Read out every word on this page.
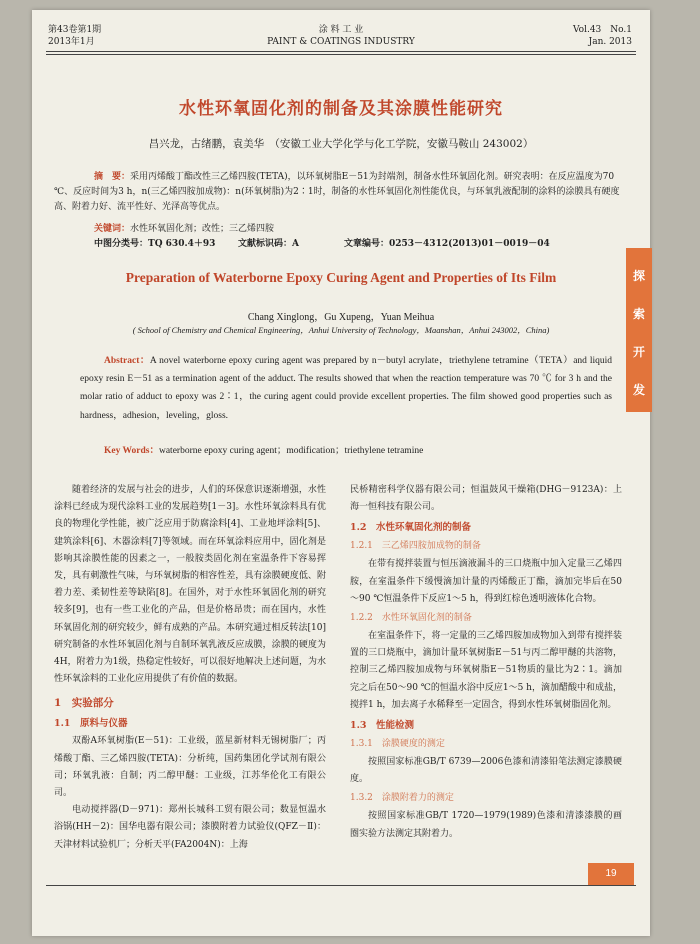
第43卷第1期
2013年1月
涂 料 工 业
PAINT & COATINGS INDUSTRY
Vol.43　No.1
Jan. 2013
水性环氧固化剂的制备及其涂膜性能研究
昌兴龙，古绪鹏，袁美华　（安徽工业大学化学与化工学院，安徽马鞍山 243002）
摘　要：采用丙烯酸丁酯改性三乙烯四胺(TETA)，以环氧树脂E－51为封端剂，制备水性环氧固化剂。研究表明：在反应温度为70 ℃、反应时间为3 h，n(三乙烯四胺加成物)：n(环氧树脂)为2∶1时，制备的水性环氧固化剂性能优良，与环氧乳液配制的涂料的涂膜具有硬度高、附着力好、流平性好、光泽高等优点。
关键词：水性环氧固化剂；改性；三乙烯四胺
中图分类号：TQ 630.4＋93	文献标识码：A	文章编号：0253－4312(2013)01－0019－04
Preparation of Waterborne Epoxy Curing Agent and Properties of Its Film
Chang Xinglong，Gu Xupeng，Yuan Meihua
( School of Chemistry and Chemical Engineering，Anhui University of Technology，Maanshan，Anhui 243002，China)
Abstract：A novel waterborne epoxy curing agent was prepared by n－butyl acrylate，triethylene tetramine（TETA）and liquid epoxy resin E－51 as a termination agent of the adduct. The results showed that when the reaction temperature was 70 ℃ for 3 h and the molar ratio of adduct to epoxy was 2∶1，the curing agent could provide excellent properties. The film showed good properties such as hardness，adhesion，leveling，gloss.
Key Words：waterborne epoxy curing agent；modification；triethylene tetramine

随着经济的发展与社会的进步，人们的环保意识逐渐增强，水性涂料已经成为现代涂料工业的发展趋势[1－3]。水性环氧涂料具有优良的物理化学性能，被广泛应用于防腐涂料[4]、工业地坪涂料[5]、建筑涂料[6]、木器涂料[7]等领域。而在环氧涂料应用中，固化剂是影响其涂膜性能的因素之一，一般胺类固化剂在室温条件下容易挥发，具有刺激性气味，与环氧树脂的相容性差，具有涂膜硬度低、附着力差、柔韧性差等缺陷[8]。在国外，对于水性环氧固化剂的研究较多[9]，也有一些工业化的产品，但是价格昂贵；而在国内，水性环氧固化剂的研究较少，鲜有成熟的产品。本研究通过相反转法[10]研究制备的水性环氧固化剂与自制环氧乳液反应成膜，涂膜的硬度为4H，附着力为1级，热稳定性较好，可以很好地解决上述问题，为水性环氧涂料的工业化应用提供了有价值的数据。

1　实验部分
1.1　原料与仪器

双酚A环氧树脂(E－51)：工业级，蓝星新材料无锡树脂厂；丙烯酸丁酯、三乙烯四胺(TETA)：分析纯，国药集团化学试剂有限公司；环氧乳液：自制；丙二醇甲醚：工业级，江苏华伦化工有限公司。

电动搅拌器(D－971)：郑州长城科工贸有限公司；数显恒温水浴锅(HH－2)：国华电器有限公司；漆膜附着力试验仪(QFZ－Ⅱ)：天津材料试验机厂；分析天平(FA2004N)：上海

民桥精密科学仪器有限公司；恒温鼓风干燥箱(DHG－9123A)：上海一恒科技有限公司。

1.2　水性环氧固化剂的制备
1.2.1　三乙烯四胺加成物的制备

在带有搅拌装置与恒压滴液漏斗的三口烧瓶中加入定量三乙烯四胺，在室温条件下缓慢滴加计量的丙烯酸正丁酯，滴加完毕后在50～90 ℃恒温条件下反应1～5 h，得到红棕色透明液体化合物。

1.2.2　水性环氧固化剂的制备

在室温条件下，将一定量的三乙烯四胺加成物加入到带有搅拌装置的三口烧瓶中，滴加计量环氧树脂E－51与丙二醇甲醚的共溶物，控制三乙烯四胺加成物与环氧树脂E－51物质的量比为2∶1。滴加完之后在50～90 ℃的恒温水浴中反应1～5 h，滴加醋酸中和成盐，搅拌1 h，加去离子水稀释至一定固含，得到水性环氧树脂固化剂。

1.3　性能检测
1.3.1　涂膜硬度的测定

按照国家标准GB/T 6739—2006色漆和清漆铅笔法测定漆膜硬度。

1.3.2　涂膜附着力的测定

按照国家标准GB/T 1720—1979(1989)色漆和清漆漆膜的画圈实验方法测定其附着力。

19
探
索
开
发
